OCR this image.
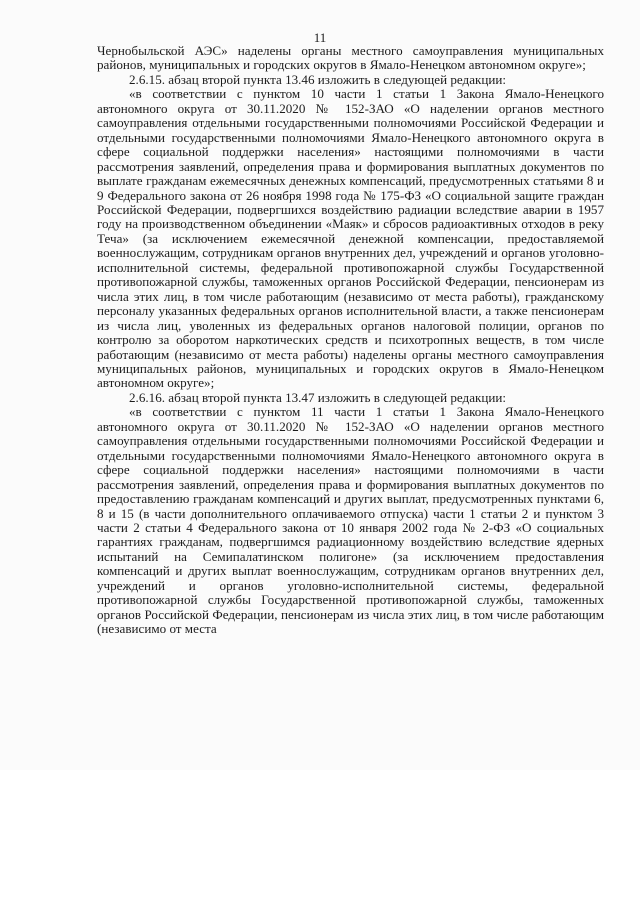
11

Чернобыльской АЭС» наделены органы местного самоуправления муниципальных районов, муниципальных и городских округов в Ямало-Ненецком автономном округе»;

2.6.15. абзац второй пункта 13.46 изложить в следующей редакции:

«в соответствии с пунктом 10 части 1 статьи 1 Закона Ямало-Ненецкого автономного округа от 30.11.2020 № 152-ЗАО «О наделении органов местного самоуправления отдельными государственными полномочиями Российской Федерации и отдельными государственными полномочиями Ямало-Ненецкого автономного округа в сфере социальной поддержки населения» настоящими полномочиями в части рассмотрения заявлений, определения права и формирования выплатных документов по выплате гражданам ежемесячных денежных компенсаций, предусмотренных статьями 8 и 9 Федерального закона от 26 ноября 1998 года № 175-ФЗ «О социальной защите граждан Российской Федерации, подвергшихся воздействию радиации вследствие аварии в 1957 году на производственном объединении «Маяк» и сбросов радиоактивных отходов в реку Теча» (за исключением ежемесячной денежной компенсации, предоставляемой военнослужащим, сотрудникам органов внутренних дел, учреждений и органов уголовно-исполнительной системы, федеральной противопожарной службы Государственной противопожарной службы, таможенных органов Российской Федерации, пенсионерам из числа этих лиц, в том числе работающим (независимо от места работы), гражданскому персоналу указанных федеральных органов исполнительной власти, а также пенсионерам из числа лиц, уволенных из федеральных органов налоговой полиции, органов по контролю за оборотом наркотических средств и психотропных веществ, в том числе работающим (независимо от места работы) наделены органы местного самоуправления муниципальных районов, муниципальных и городских округов в Ямало-Ненецком автономном округе»;

2.6.16. абзац второй пункта 13.47 изложить в следующей редакции:

«в соответствии с пунктом 11 части 1 статьи 1 Закона Ямало-Ненецкого автономного округа от 30.11.2020 № 152-ЗАО «О наделении органов местного самоуправления отдельными государственными полномочиями Российской Федерации и отдельными государственными полномочиями Ямало-Ненецкого автономного округа в сфере социальной поддержки населения» настоящими полномочиями в части рассмотрения заявлений, определения права и формирования выплатных документов по предоставлению гражданам компенсаций и других выплат, предусмотренных пунктами 6, 8 и 15 (в части дополнительного оплачиваемого отпуска) части 1 статьи 2 и пунктом 3 части 2 статьи 4 Федерального закона от 10 января 2002 года № 2-ФЗ «О социальных гарантиях гражданам, подвергшимся радиационному воздействию вследствие ядерных испытаний на Семипалатинском полигоне» (за исключением предоставления компенсаций и других выплат военнослужащим, сотрудникам органов внутренних дел, учреждений и органов уголовно-исполнительной системы, федеральной противопожарной службы Государственной противопожарной службы, таможенных органов Российской Федерации, пенсионерам из числа этих лиц, в том числе работающим (независимо от места
